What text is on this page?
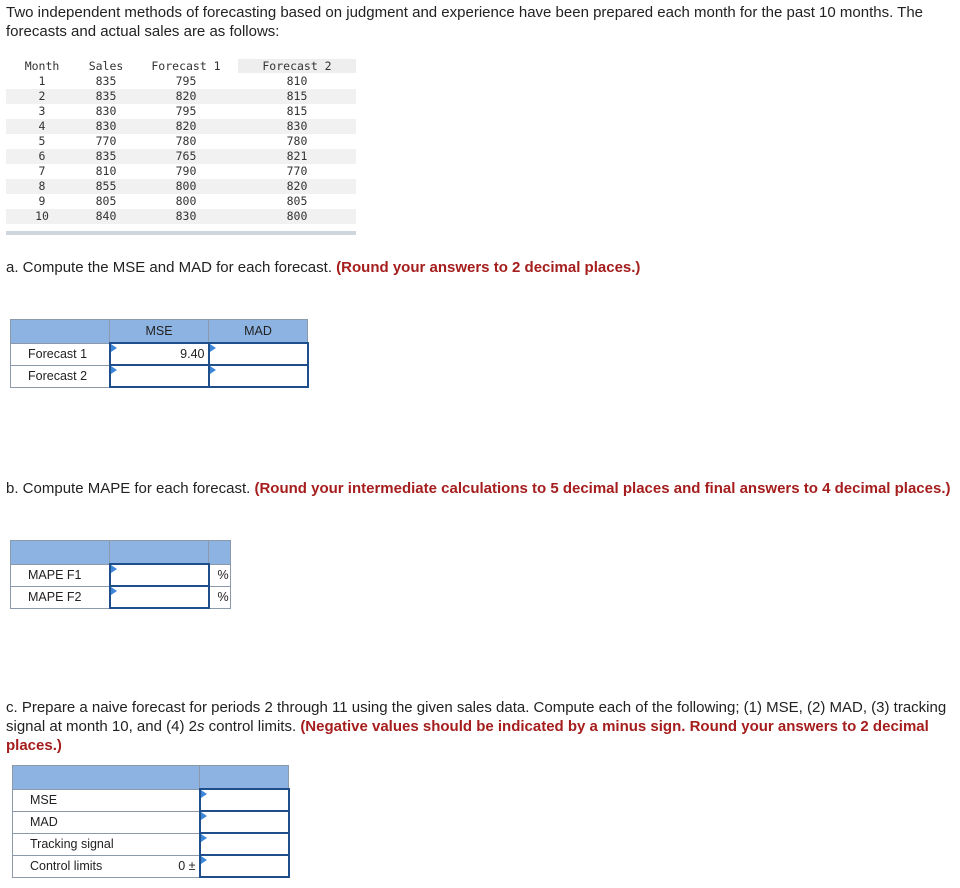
Two independent methods of forecasting based on judgment and experience have been prepared each month for the past 10 months. The forecasts and actual sales are as follows:

Month	Sales	Forecast 1	Forecast 2
1	835	795	810
2	835	820	815
3	830	795	815
4	830	820	830
5	770	780	780
6	835	765	821
7	810	790	770
8	855	800	820
9	805	800	805
10	840	830	800

a. Compute the MSE and MAD for each forecast. (Round your answers to 2 decimal places.)

	MSE	MAD
Forecast 1	9.40	
Forecast 2		

b. Compute MAPE for each forecast. (Round your intermediate calculations to 5 decimal places and final answers to 4 decimal places.)

MAPE F1		%
MAPE F2		%

c. Prepare a naive forecast for periods 2 through 11 using the given sales data. Compute each of the following; (1) MSE, (2) MAD, (3) tracking signal at month 10, and (4) 2s control limits. (Negative values should be indicated by a minus sign. Round your answers to 2 decimal places.)

MSE	
MAD	
Tracking signal	
Control limits 0 ±	
